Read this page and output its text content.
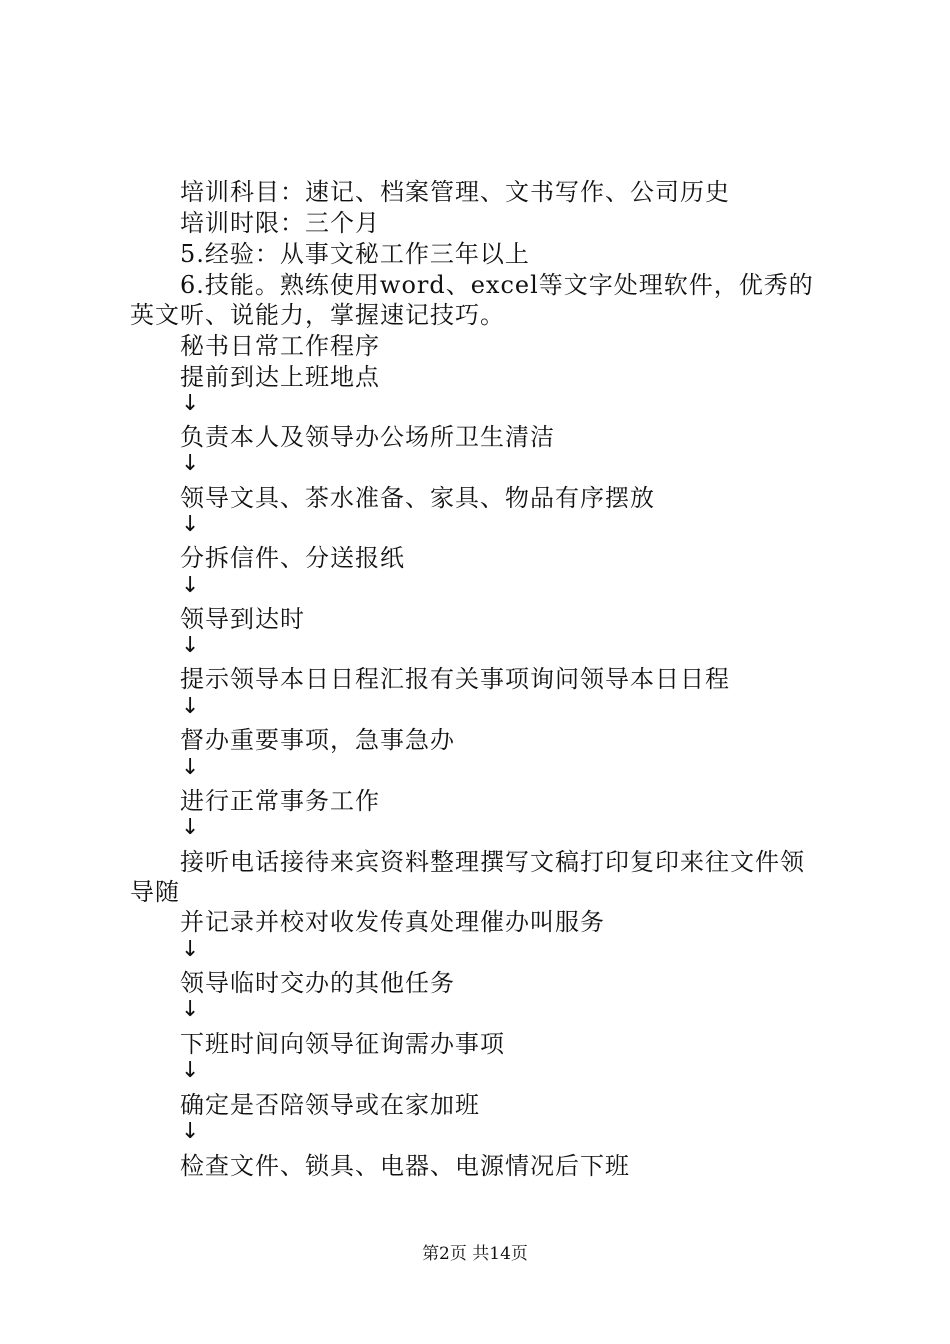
培训科目：速记、档案管理、文书写作、公司历史
培训时限：三个月
5.经验：从事文秘工作三年以上
6.技能。熟练使用word、excel等文字处理软件，优秀的
英文听、说能力，掌握速记技巧。
秘书日常工作程序
提前到达上班地点
↓
负责本人及领导办公场所卫生清洁
↓
领导文具、茶水准备、家具、物品有序摆放
↓
分拆信件、分送报纸
↓
领导到达时
↓
提示领导本日日程汇报有关事项询问领导本日日程
↓
督办重要事项，急事急办
↓
进行正常事务工作
↓
接听电话接待来宾资料整理撰写文稿打印复印来往文件领
导随
并记录并校对收发传真处理催办叫服务
↓
领导临时交办的其他任务
↓
下班时间向领导征询需办事项
↓
确定是否陪领导或在家加班
↓
检查文件、锁具、电器、电源情况后下班
第2页 共14页
